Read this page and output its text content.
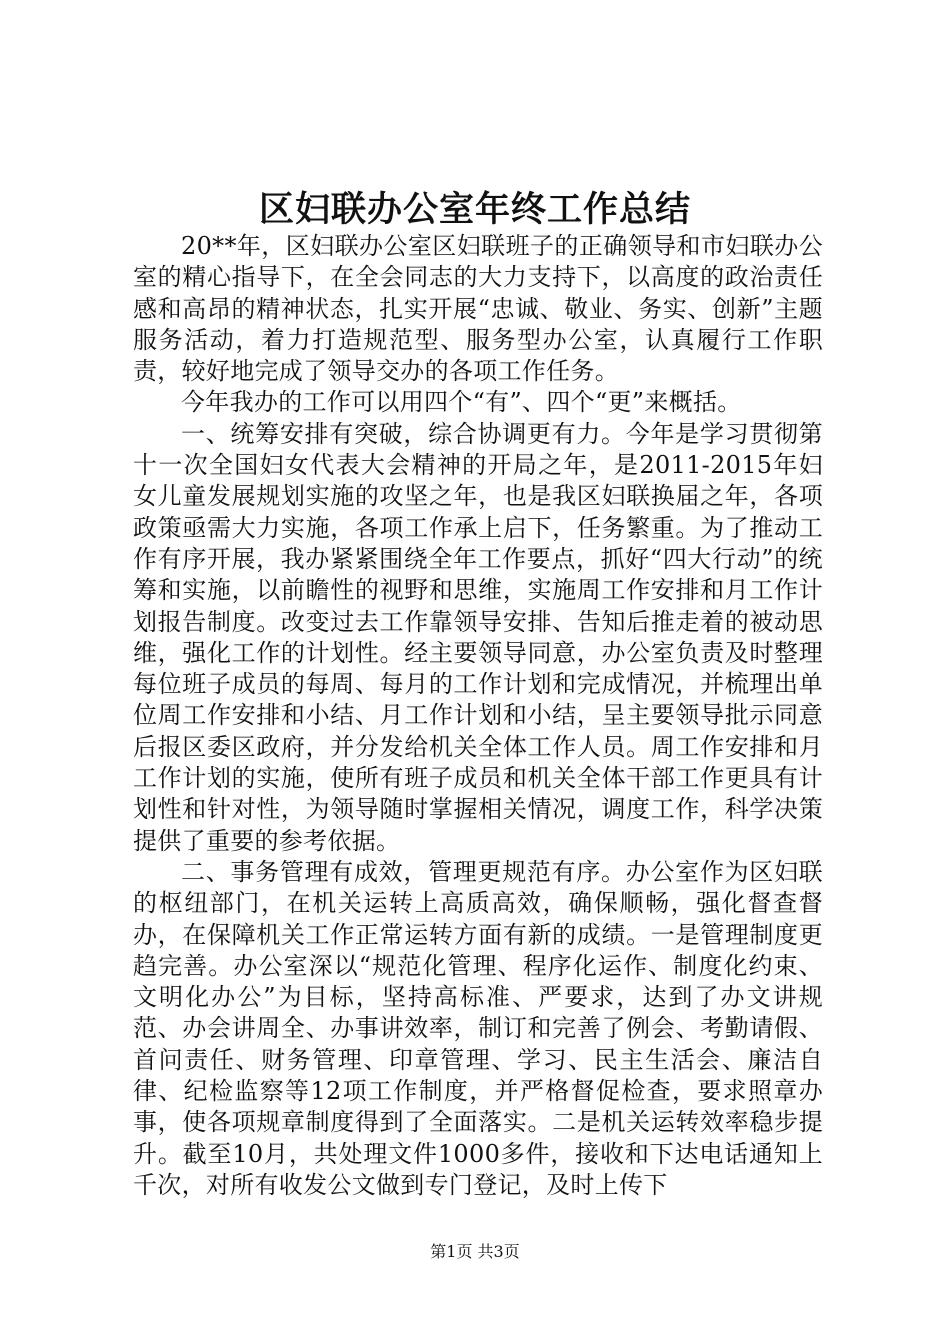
区妇联办公室年终工作总结

20**年，区妇联办公室区妇联班子的正确领导和市妇联办公室的精心指导下，在全会同志的大力支持下，以高度的政治责任感和高昂的精神状态，扎实开展“忠诚、敬业、务实、创新”主题服务活动，着力打造规范型、服务型办公室，认真履行工作职责，较好地完成了领导交办的各项工作任务。

今年我办的工作可以用四个“有”、四个“更”来概括。

一、统筹安排有突破，综合协调更有力。今年是学习贯彻第十一次全国妇女代表大会精神的开局之年，是2011-2015年妇女儿童发展规划实施的攻坚之年，也是我区妇联换届之年，各项政策亟需大力实施，各项工作承上启下，任务繁重。为了推动工作有序开展，我办紧紧围绕全年工作要点，抓好“四大行动”的统筹和实施，以前瞻性的视野和思维，实施周工作安排和月工作计划报告制度。改变过去工作靠领导安排、告知后推走着的被动思维，强化工作的计划性。经主要领导同意，办公室负责及时整理每位班子成员的每周、每月的工作计划和完成情况，并梳理出单位周工作安排和小结、月工作计划和小结，呈主要领导批示同意后报区委区政府，并分发给机关全体工作人员。周工作安排和月工作计划的实施，使所有班子成员和机关全体干部工作更具有计划性和针对性，为领导随时掌握相关情况，调度工作，科学决策提供了重要的参考依据。

二、事务管理有成效，管理更规范有序。办公室作为区妇联的枢纽部门，在机关运转上高质高效，确保顺畅，强化督查督办，在保障机关工作正常运转方面有新的成绩。一是管理制度更趋完善。办公室深以“规范化管理、程序化运作、制度化约束、文明化办公”为目标，坚持高标准、严要求，达到了办文讲规范、办会讲周全、办事讲效率，制订和完善了例会、考勤请假、首问责任、财务管理、印章管理、学习、民主生活会、廉洁自律、纪检监察等12项工作制度，并严格督促检查，要求照章办事，使各项规章制度得到了全面落实。二是机关运转效率稳步提升。截至10月，共处理文件1000多件，接收和下达电话通知上千次，对所有收发公文做到专门登记，及时上传下

第1页 共3页
